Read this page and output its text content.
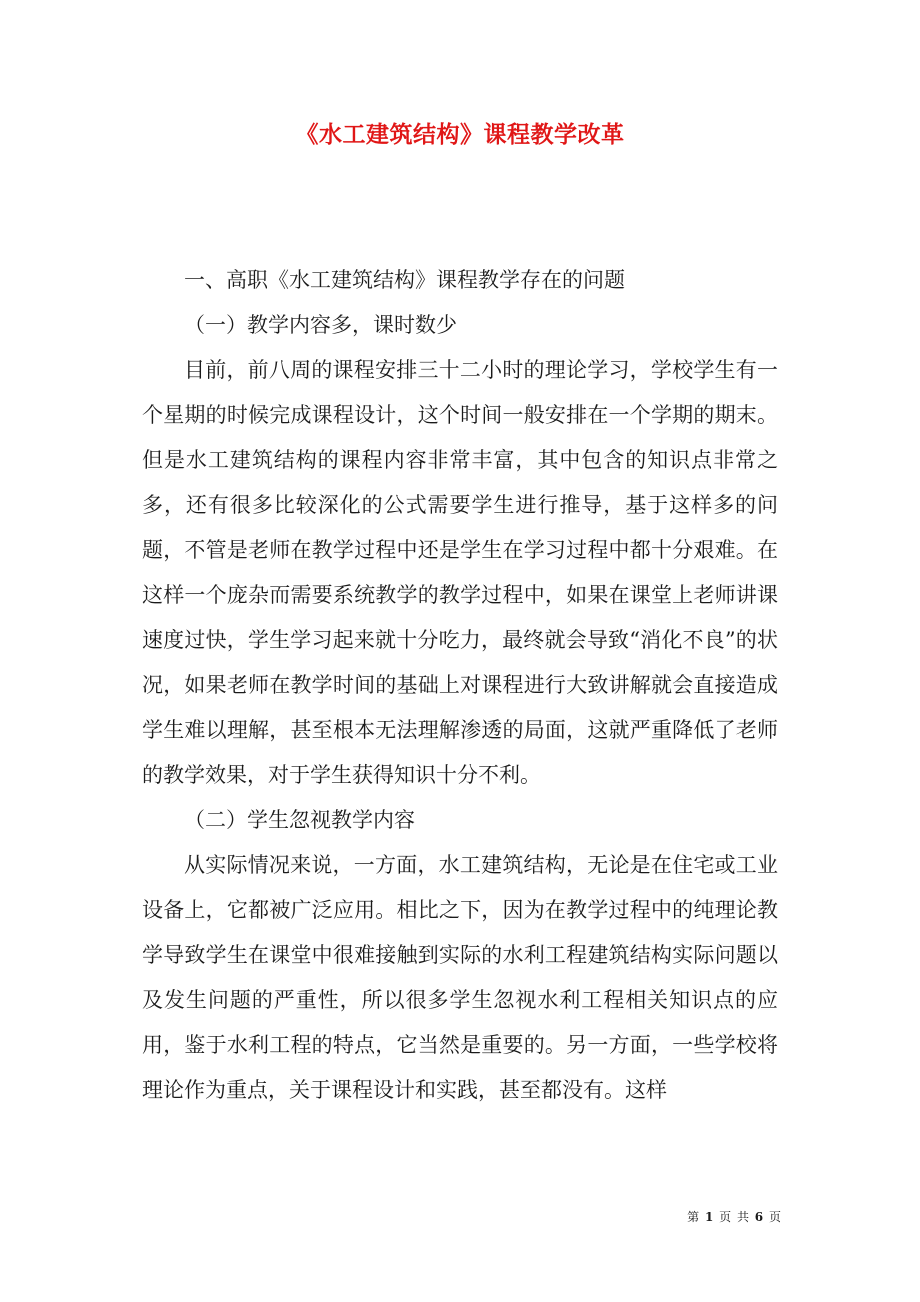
《水工建筑结构》课程教学改革

一、高职《水工建筑结构》课程教学存在的问题

（一）教学内容多，课时数少

目前，前八周的课程安排三十二小时的理论学习，学校学生有一个星期的时候完成课程设计，这个时间一般安排在一个学期的期末。但是水工建筑结构的课程内容非常丰富，其中包含的知识点非常之多，还有很多比较深化的公式需要学生进行推导，基于这样多的问题，不管是老师在教学过程中还是学生在学习过程中都十分艰难。在这样一个庞杂而需要系统教学的教学过程中，如果在课堂上老师讲课速度过快，学生学习起来就十分吃力，最终就会导致“消化不良”的状况，如果老师在教学时间的基础上对课程进行大致讲解就会直接造成学生难以理解，甚至根本无法理解渗透的局面，这就严重降低了老师的教学效果，对于学生获得知识十分不利。

（二）学生忽视教学内容

从实际情况来说，一方面，水工建筑结构，无论是在住宅或工业设备上，它都被广泛应用。相比之下，因为在教学过程中的纯理论教学导致学生在课堂中很难接触到实际的水利工程建筑结构实际问题以及发生问题的严重性，所以很多学生忽视水利工程相关知识点的应用，鉴于水利工程的特点，它当然是重要的。另一方面，一些学校将理论作为重点，关于课程设计和实践，甚至都没有。这样

第 1 页 共 6 页
